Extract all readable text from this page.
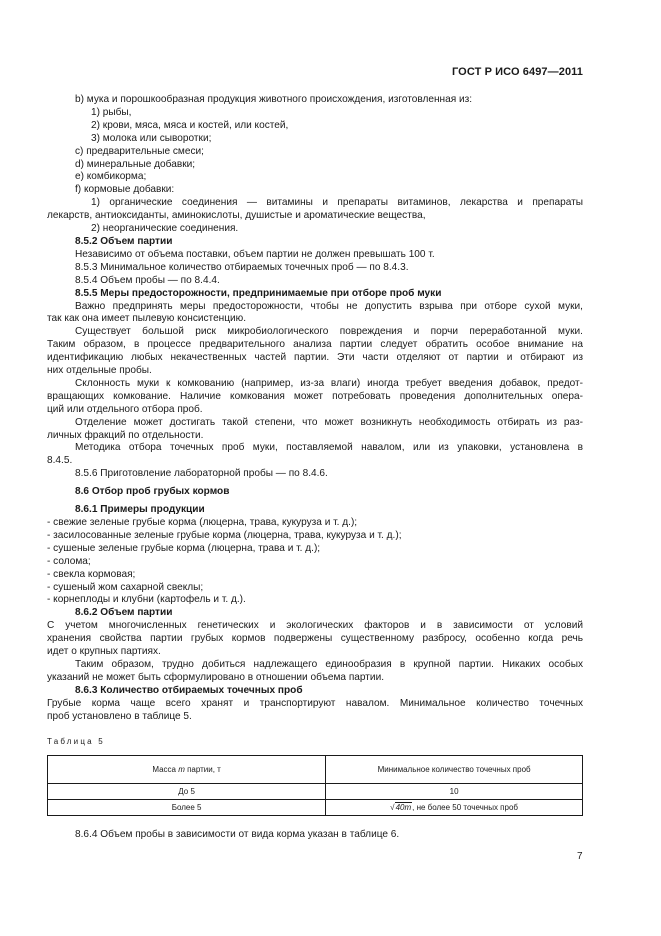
ГОСТ Р ИСО 6497—2011
b) мука и порошкообразная продукция животного происхождения, изготовленная из:
1) рыбы,
2) крови, мяса, мяса и костей, или костей,
3) молока или сыворотки;
c) предварительные смеси;
d) минеральные добавки;
e) комбикорма;
f) кормовые добавки:
1) органические соединения — витамины и препараты витаминов, лекарства и препараты
лекарств, антиоксиданты, аминокислоты, душистые и ароматические вещества,
2) неорганические соединения.
8.5.2 Объем партии
Независимо от объема поставки, объем партии не должен превышать 100 т.
8.5.3 Минимальное количество отбираемых точечных проб — по 8.4.3.
8.5.4 Объем пробы — по 8.4.4.
8.5.5 Меры предосторожности, предпринимаемые при отборе проб муки
Важно предпринять меры предосторожности, чтобы не допустить взрыва при отборе сухой муки,
так как она имеет пылевую консистенцию.
Существует большой риск микробиологического повреждения и порчи переработанной муки.
Таким образом, в процессе предварительного анализа партии следует обратить особое внимание на
идентификацию любых некачественных частей партии. Эти части отделяют от партии и отбирают из
них отдельные пробы.
Склонность муки к комкованию (например, из-за влаги) иногда требует введения добавок, предот-
вращающих комкование. Наличие комкования может потребовать проведения дополнительных опера-
ций или отдельного отбора проб.
Отделение может достигать такой степени, что может возникнуть необходимость отбирать из раз-
личных фракций по отдельности.
Методика отбора точечных проб муки, поставляемой навалом, или из упаковки, установлена в
8.4.5.
8.5.6 Приготовление лабораторной пробы — по 8.4.6.
8.6 Отбор проб грубых кормов
8.6.1 Примеры продукции
- свежие зеленые грубые корма (люцерна, трава, кукуруза и т. д.);
- засилосованные зеленые грубые корма (люцерна, трава, кукуруза и т. д.);
- сушеные зеленые грубые корма (люцерна, трава и т. д.);
- солома;
- свекла кормовая;
- сушеный жом сахарной свеклы;
- корнеплоды и клубни (картофель и т. д.).
8.6.2 Объем партии
С учетом многочисленных генетических и экологических факторов и в зависимости от условий
хранения свойства партии грубых кормов подвержены существенному разбросу, особенно когда речь
идет о крупных партиях.
Таким образом, трудно добиться надлежащего единообразия в крупной партии. Никаких особых
указаний не может быть сформулировано в отношении объема партии.
8.6.3 Количество отбираемых точечных проб
Грубые корма чаще всего хранят и транспортируют навалом. Минимальное количество точечных
проб установлено в таблице 5.
Таблица 5
Масса m партии, т	Минимальное количество точечных проб
До 5	10
Более 5	√40m, не более 50 точечных проб
8.6.4 Объем пробы в зависимости от вида корма указан в таблице 6.
7
